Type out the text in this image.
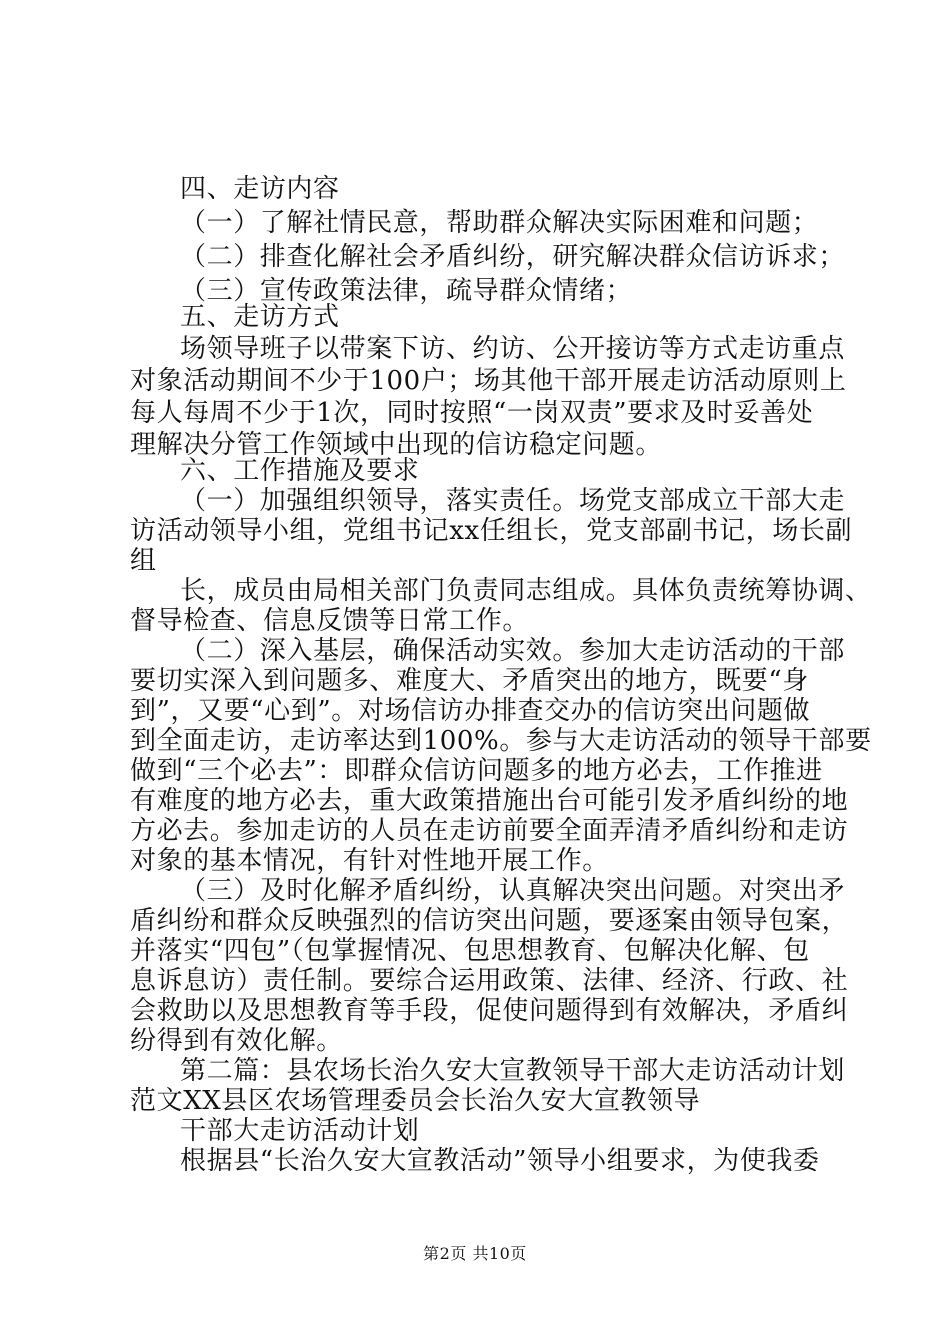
四、走访内容

（一）了解社情民意，帮助群众解决实际困难和问题；

（二）排查化解社会矛盾纠纷，研究解决群众信访诉求；

（三）宣传政策法律，疏导群众情绪；

五、走访方式

场领导班子以带案下访、约访、公开接访等方式走访重点

对象活动期间不少于100户；场其他干部开展走访活动原则上

每人每周不少于1次，同时按照“一岗双责”要求及时妥善处

理解决分管工作领域中出现的信访稳定问题。

六、工作措施及要求

（一）加强组织领导，落实责任。场党支部成立干部大走

访活动领导小组，党组书记xx任组长，党支部副书记，场长副

组

长，成员由局相关部门负责同志组成。具体负责统筹协调、

督导检查、信息反馈等日常工作。

（二）深入基层，确保活动实效。参加大走访活动的干部

要切实深入到问题多、难度大、矛盾突出的地方，既要“身

到”，又要“心到”。对场信访办排查交办的信访突出问题做

到全面走访，走访率达到100%。参与大走访活动的领导干部要

做到“三个必去”：即群众信访问题多的地方必去，工作推进

有难度的地方必去，重大政策措施出台可能引发矛盾纠纷的地

方必去。参加走访的人员在走访前要全面弄清矛盾纠纷和走访

对象的基本情况，有针对性地开展工作。

（三）及时化解矛盾纠纷，认真解决突出问题。对突出矛

盾纠纷和群众反映强烈的信访突出问题，要逐案由领导包案，

并落实“四包”（包掌握情况、包思想教育、包解决化解、包

息诉息访）责任制。要综合运用政策、法律、经济、行政、社

会救助以及思想教育等手段，促使问题得到有效解决，矛盾纠

纷得到有效化解。

第二篇：县农场长治久安大宣教领导干部大走访活动计划

范文XX县区农场管理委员会长治久安大宣教领导

干部大走访活动计划

根据县“长治久安大宣教活动”领导小组要求，为使我委

第2页 共10页
